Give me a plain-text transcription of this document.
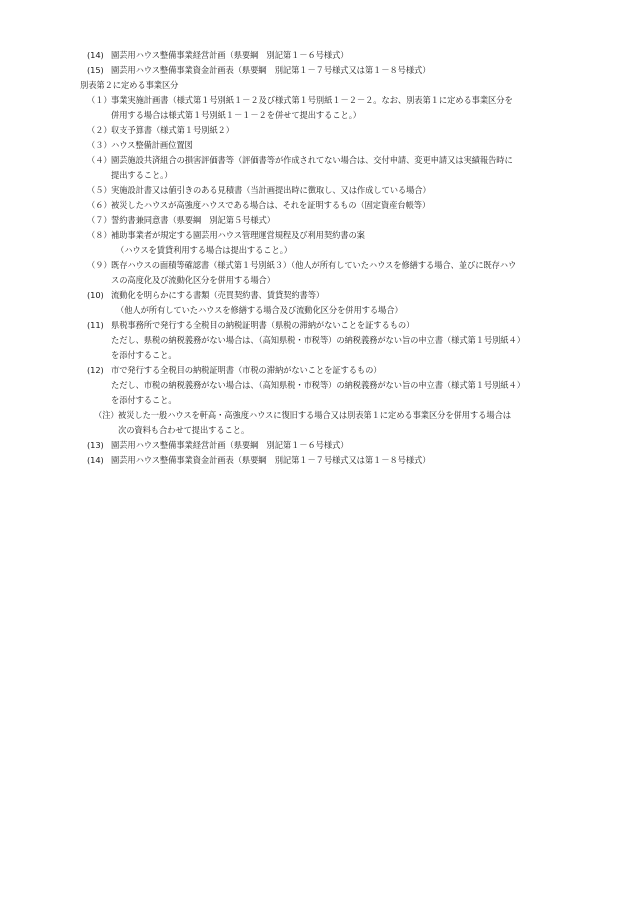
(14) 園芸用ハウス整備事業経営計画（県要綱　別記第１－６号様式）
(15) 園芸用ハウス整備事業資金計画表（県要綱　別記第１－７号様式又は第１－８号様式）
別表第２に定める事業区分
（１） 事業実施計画書（様式第１号別紙１－２及び様式第１号別紙１－２－２。なお、別表第１に定める事業区分を
併用する場合は様式第１号別紙１－１－２を併せて提出すること。）
（２） 収支予算書（様式第１号別紙２）
（３） ハウス整備計画位置図
（４） 園芸施設共済組合の損害評価書等（評価書等が作成されてない場合は、交付申請、変更申請又は実績報告時に
提出すること。）
（５） 実施設計書又は値引きのある見積書（当計画提出時に徴取し、又は作成している場合）
（６） 被災したハウスが高強度ハウスである場合は、それを証明するもの（固定資産台帳等）
（７） 誓約書兼同意書（県要綱　別記第５号様式）
（８） 補助事業者が規定する園芸用ハウス管理運営規程及び利用契約書の案
（ハウスを賃貸利用する場合は提出すること。）
（９） 既存ハウスの面積等確認書（様式第１号別紙３）（他人が所有していたハウスを修繕する場合、並びに既存ハウ
スの高度化及び流動化区分を併用する場合）
(10) 流動化を明らかにする書類（売買契約書、賃貸契約書等）
（他人が所有していたハウスを修繕する場合及び流動化区分を併用する場合）
(11) 県税事務所で発行する全税目の納税証明書（県税の滞納がないことを証するもの）
ただし、県税の納税義務がない場合は、（高知県税・市税等）の納税義務がない旨の申立書（様式第１号別紙４）
を添付すること。
(12) 市で発行する全税目の納税証明書（市税の滞納がないことを証するもの）
ただし、市税の納税義務がない場合は、（高知県税・市税等）の納税義務がない旨の申立書（様式第１号別紙４）
を添付すること。
（注） 被災した一般ハウスを軒高・高強度ハウスに復旧する場合又は別表第１に定める事業区分を併用する場合は
次の資料も合わせて提出すること。
(13) 園芸用ハウス整備事業経営計画（県要綱　別記第１－６号様式）
(14) 園芸用ハウス整備事業資金計画表（県要綱　別記第１－７号様式又は第１－８号様式）
